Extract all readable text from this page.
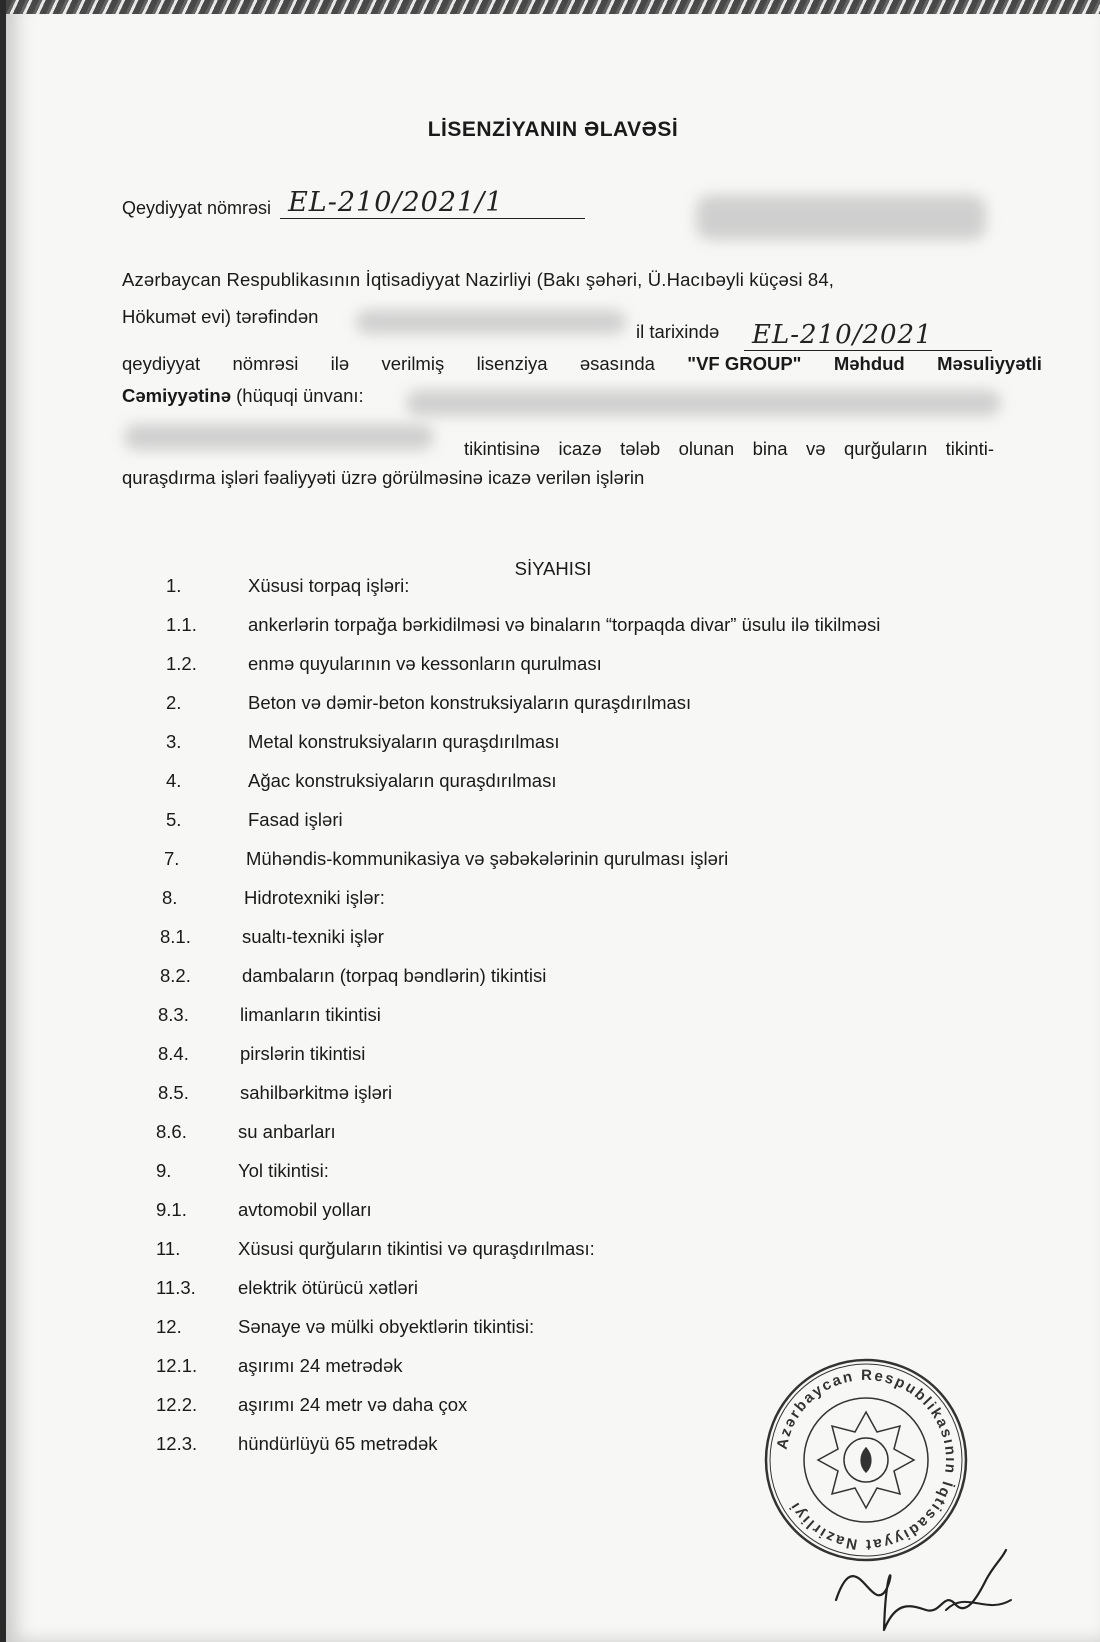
LİSENZİYANIN ƏLAVƏSİ
Qeydiyyat nömrəsi EL-210/2021/1
Azərbaycan Respublikasının İqtisadiyyat Nazirliyi (Bakı şəhəri, Ü.Hacıbəyli küçəsi 84,
Hökumət evi) tərəfindən
il tarixində	EL-210/2021
qeydiyyat nömrəsi ilə verilmiş lisenziya əsasında "VF GROUP" Məhdud Məsuliyyətli
Cəmiyyətinə (hüquqi ünvanı:
tikintisinə icazə tələb olunan bina və qurğuların tikinti-
quraşdırma işləri fəaliyyəti üzrə görülməsinə icazə verilən işlərin
SİYAHISI
1.	Xüsusi torpaq işləri:
1.1.	ankerlərin torpağa bərkidilməsi və binaların “torpaqda divar” üsulu ilə tikilməsi
1.2.	enmə quyularının və kessonların qurulması
2.	Beton və dəmir-beton konstruksiyaların quraşdırılması
3.	Metal konstruksiyaların quraşdırılması
4.	Ağac konstruksiyaların quraşdırılması
5.	Fasad işləri
7.	Mühəndis-kommunikasiya və şəbəkələrinin qurulması işləri
8.	Hidrotexniki işlər:
8.1.	sualtı-texniki işlər
8.2.	dambaların (torpaq bəndlərin) tikintisi
8.3.	limanların tikintisi
8.4.	pirslərin tikintisi
8.5.	sahilbərkitmə işləri
8.6.	su anbarları
9.	Yol tikintisi:
9.1.	avtomobil yolları
11.	Xüsusi qurğuların tikintisi və quraşdırılması:
11.3.	elektrik ötürücü xətləri
12.	Sənaye və mülki obyektlərin tikintisi:
12.1.	aşırımı 24 metrədək
12.2.	aşırımı 24 metr və daha çox
12.3.	hündürlüyü 65 metrədək	Azərbaycan Respublikasının İqtisadiyyat Nazirliyi
